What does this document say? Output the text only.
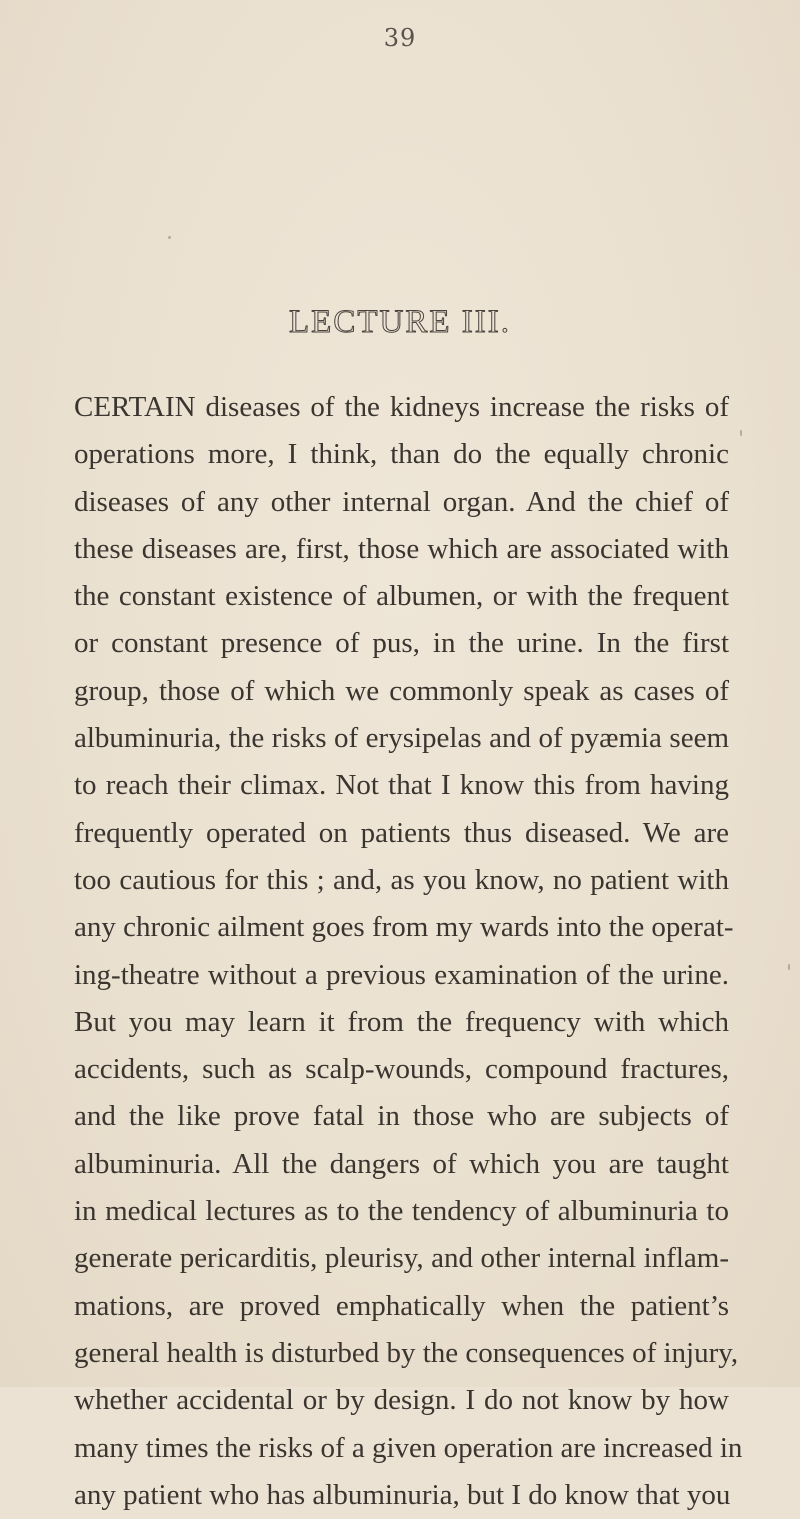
39
LECTURE III.
CERTAIN diseases of the kidneys increase the risks of
operations more, I think, than do the equally chronic
diseases of any other internal organ. And the chief of
these diseases are, first, those which are associated with
the constant existence of albumen, or with the frequent
or constant presence of pus, in the urine. In the first
group, those of which we commonly speak as cases of
albuminuria, the risks of erysipelas and of pyæmia seem
to reach their climax. Not that I know this from having
frequently operated on patients thus diseased. We are
too cautious for this ; and, as you know, no patient with
any chronic ailment goes from my wards into the operat-
ing-theatre without a previous examination of the urine.
But you may learn it from the frequency with which
accidents, such as scalp-wounds, compound fractures,
and the like prove fatal in those who are subjects of
albuminuria. All the dangers of which you are taught
in medical lectures as to the tendency of albuminuria to
generate pericarditis, pleurisy, and other internal inflam-
mations, are proved emphatically when the patient’s
general health is disturbed by the consequences of injury,
whether accidental or by design. I do not know by how
many times the risks of a given operation are increased in
any patient who has albuminuria, but I do know that you
